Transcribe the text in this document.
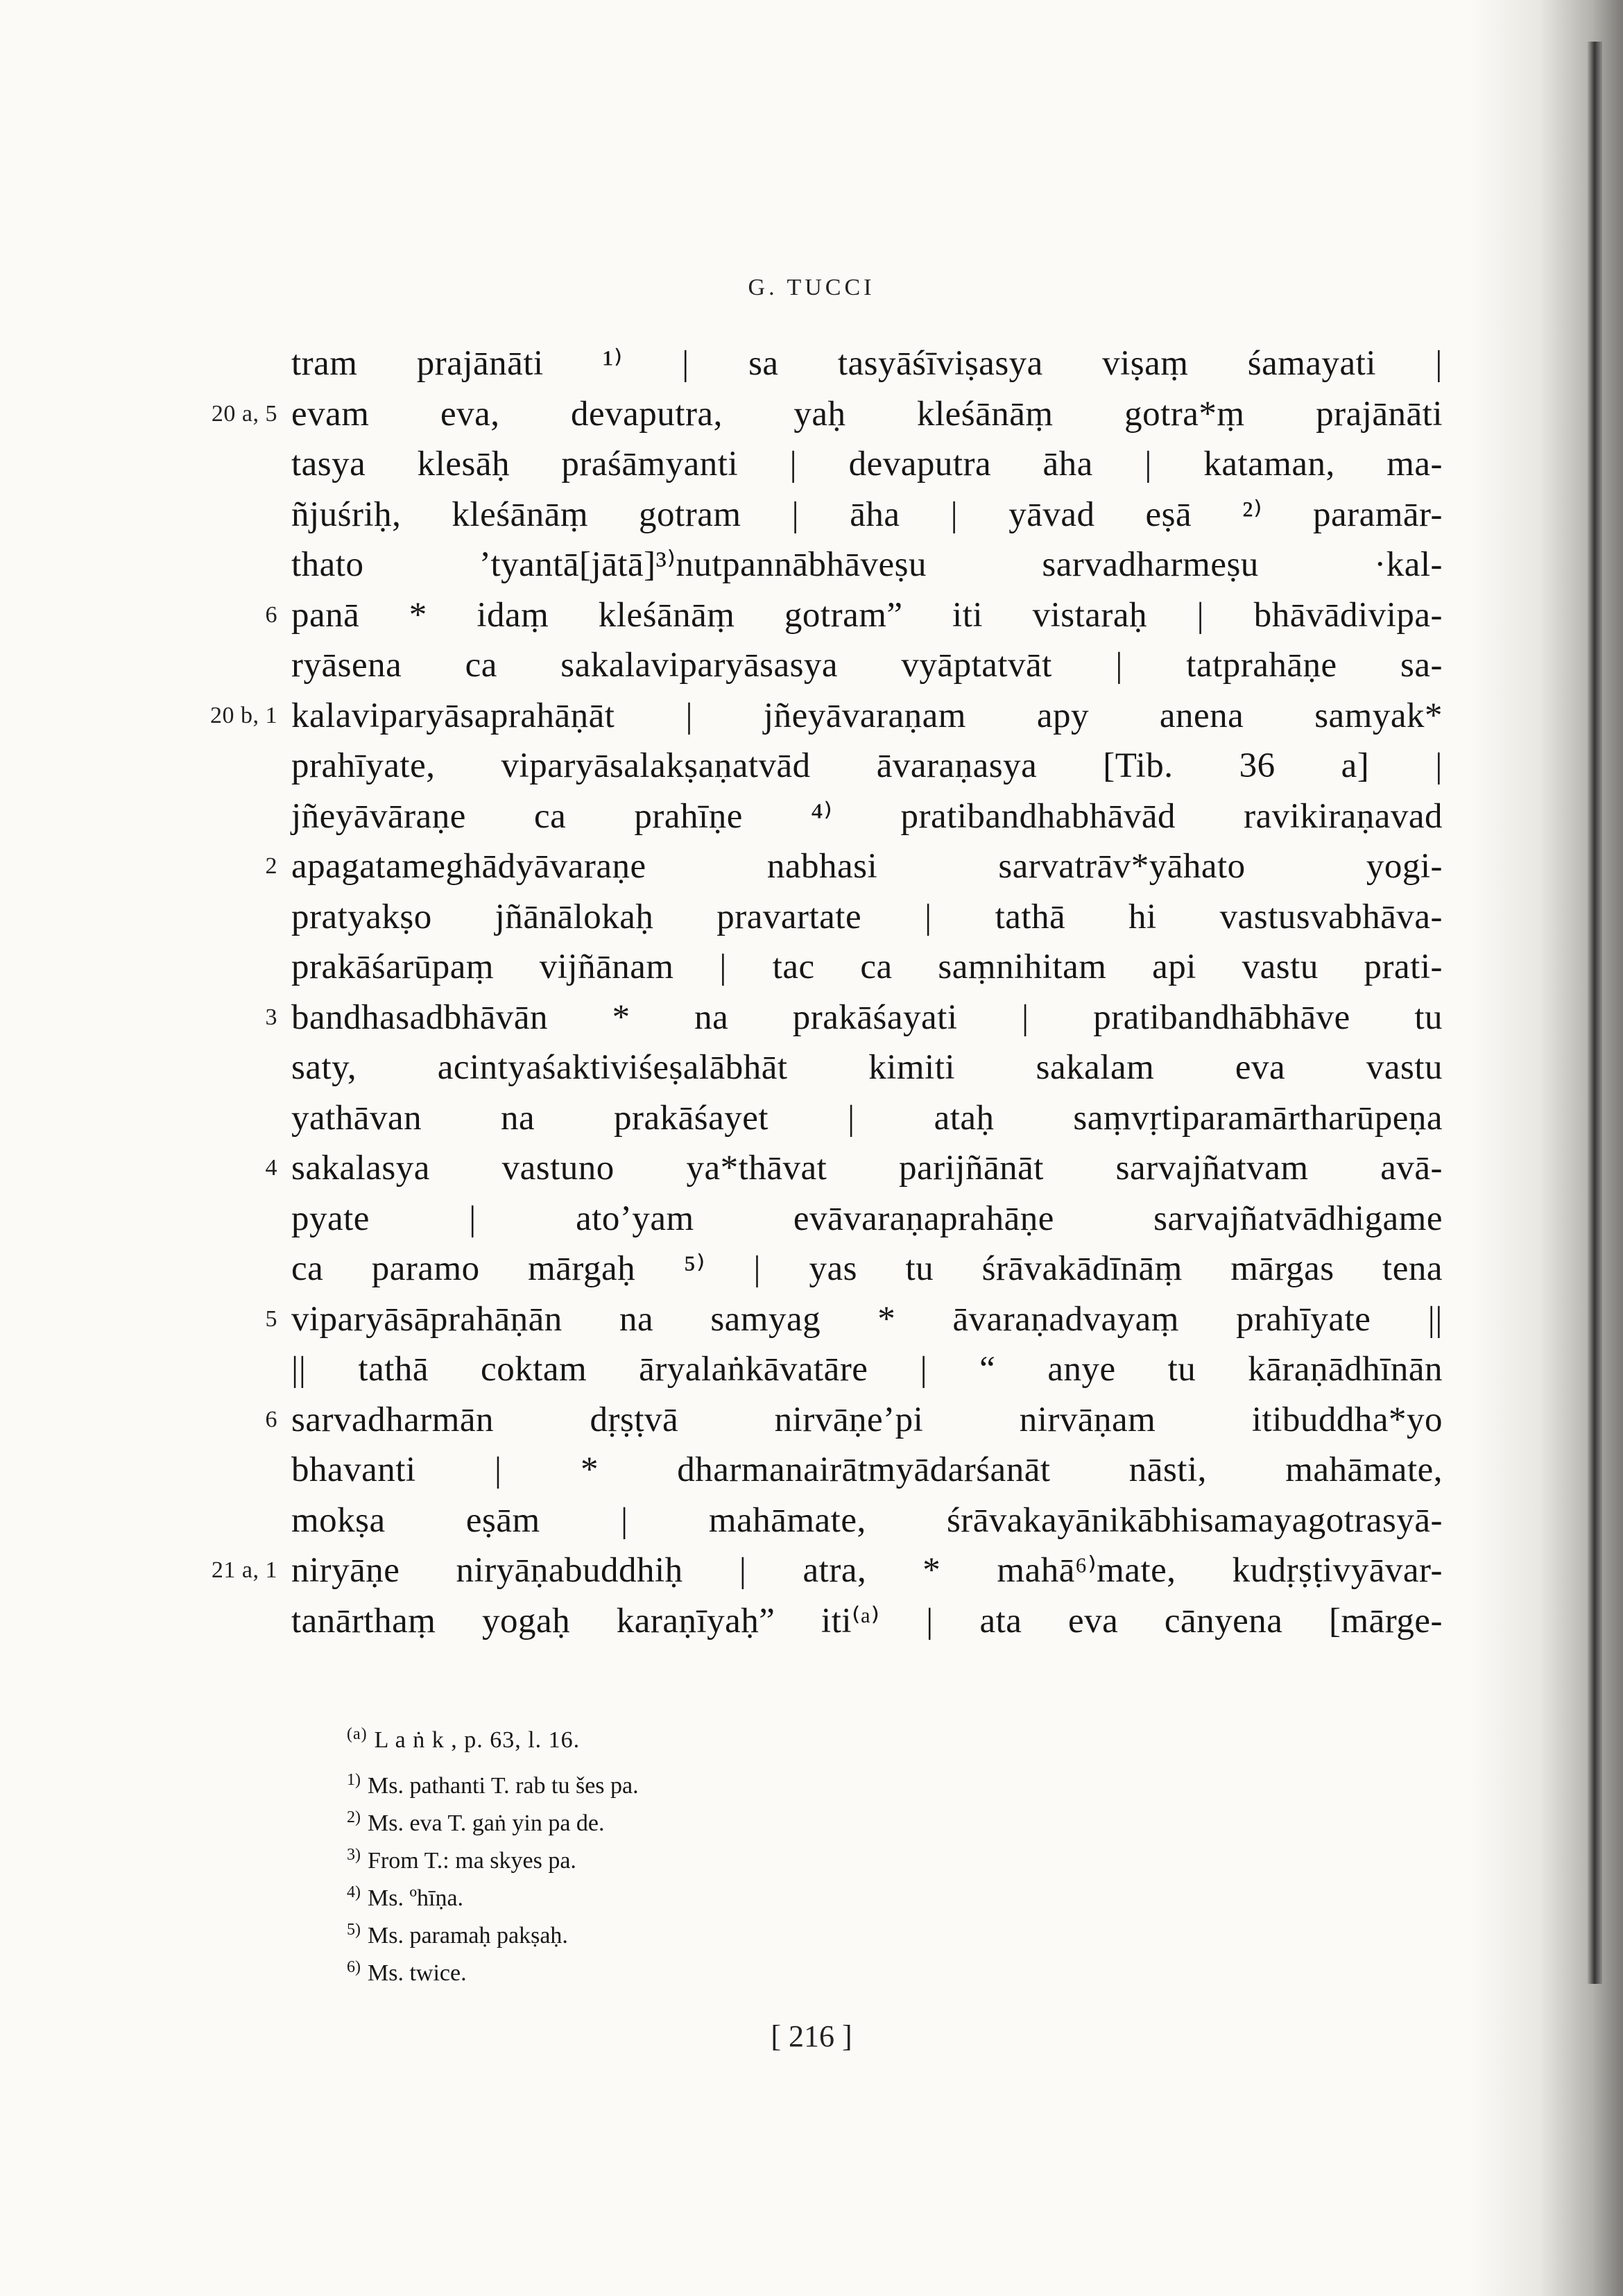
G. TUCCI
tram prajānāti ¹⁾ | sa tasyāśīviṣasya viṣaṃ śamayati |
20 a, 5 evam eva, devaputra, yaḥ kleśānāṃ gotra*ṃ prajānāti
tasya klesāḥ praśāmyanti | devaputra āha | kataman, ma-
ñjuśriḥ, kleśānāṃ gotram | āha | yāvad eṣā ²⁾ paramār-
thato ’tyantā[jātā]³⁾nutpannābhāveṣu sarvadharmeṣu ·kal-
6 panā * idaṃ kleśānāṃ gotram” iti vistaraḥ | bhāvādivipa-
ryāsena ca sakalaviparyāsasya vyāptatvāt | tatprahāṇe sa-
20 b, 1 kalaviparyāsaprahāṇāt | jñeyāvaraṇam apy anena samyak*
prahīyate, viparyāsalakṣaṇatvād āvaraṇasya [Tib. 36 a] |
jñeyāvāraṇe ca prahīṇe ⁴⁾ pratibandhabhāvād ravikiraṇavad
2 apagatameghādyāvaraṇe nabhasi sarvatrāv*yāhato yogi-
pratyakṣo jñānālokaḥ pravartate | tathā hi vastusvabhāva-
prakāśarūpaṃ vijñānam | tac ca saṃnihitam api vastu prati-
3 bandhasadbhāvān * na prakāśayati | pratibandhābhāve tu
saty, acintyaśaktiviśeṣalābhāt kimiti sakalam eva vastu
yathāvan na prakāśayet | ataḥ saṃvṛtiparamārtharūpeṇa
4 sakalasya vastuno ya*thāvat parijñānāt sarvajñatvam avā-
pyate | ato’yam evāvaraṇaprahāṇe sarvajñatvādhigame
ca paramo mārgaḥ ⁵⁾ | yas tu śrāvakādīnāṃ mārgas tena
5 viparyāsāprahāṇān na samyag * āvaraṇadvayaṃ prahīyate ||
|| tathā coktam āryalaṅkāvatāre | “ anye tu kāraṇādhīnān
6 sarvadharmān dṛṣṭvā nirvāṇe’pi nirvāṇam itibuddha*yo
bhavanti | * dharmanairātmyādarśanāt nāsti, mahāmate,
mokṣa eṣām | mahāmate, śrāvakayānikābhisamayagotrasyā-
21 a, 1 niryāṇe niryāṇabuddhiḥ | atra, * mahā⁶⁾mate, kudṛṣṭivyāvar-
tanārthaṃ yogaḥ karaṇīyaḥ” iti⁽ᵃ⁾ | ata eva cānyena [mārge-
$^{(a)}$ L a ṅ k , p. 63, l. 16.
$^{1)}$ Ms. pathanti T. rab tu šes pa.
$^{2)}$ Ms. eva T. gaṅ yin pa de.
$^{3)}$ From T.: ma skyes pa.
$^{4)}$ Ms. ºhīṇa.
$^{5)}$ Ms. paramaḥ pakṣaḥ.
$^{6)}$ Ms. twice.
[ 216 ]
